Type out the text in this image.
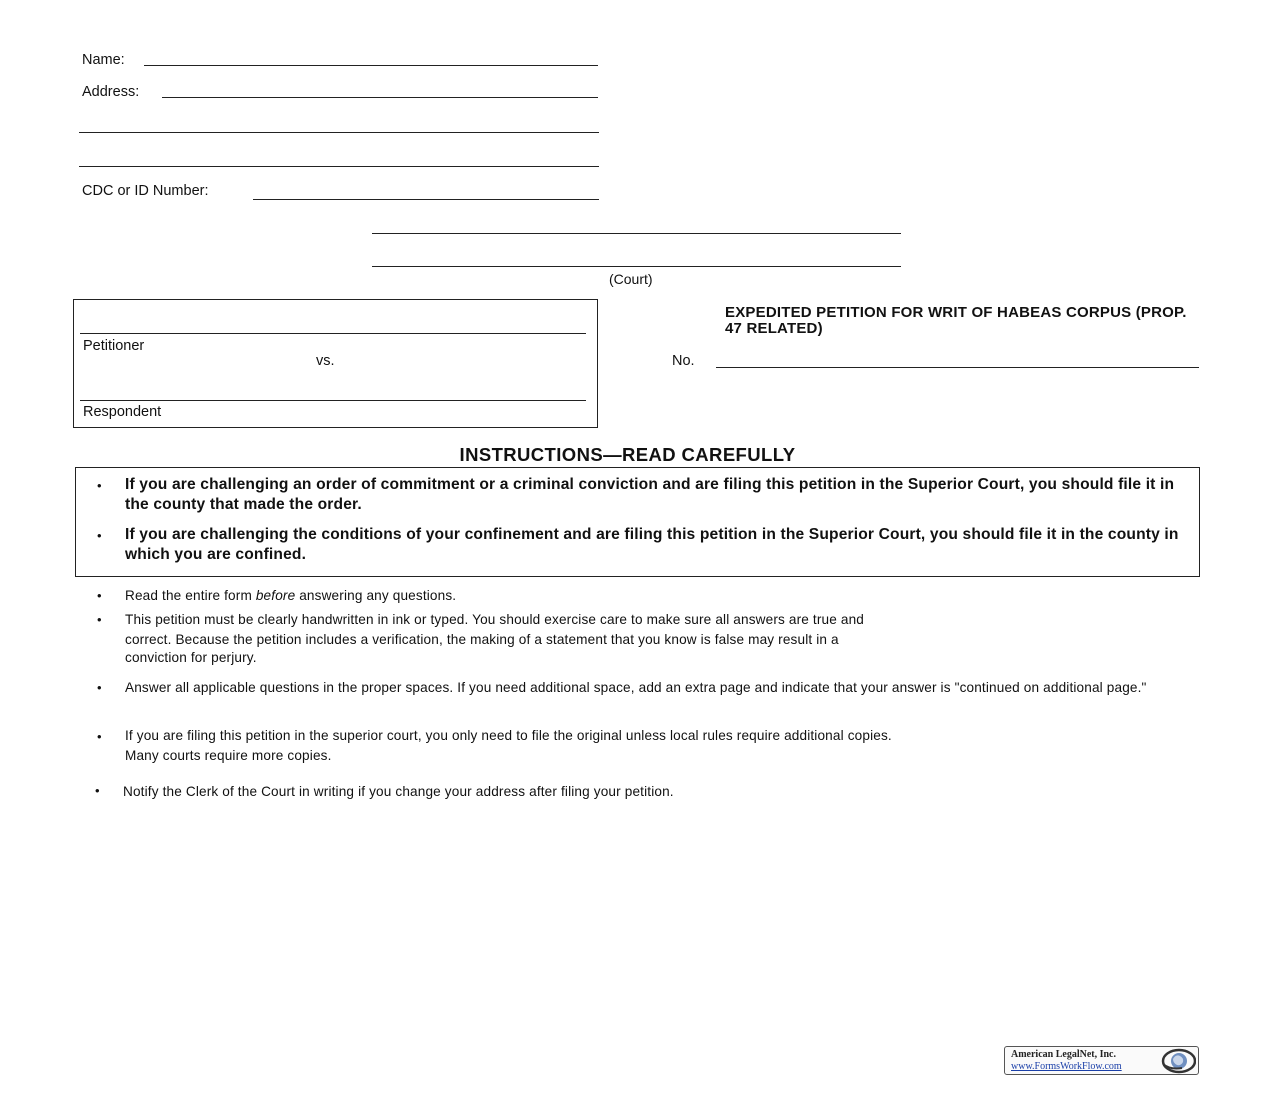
Name:
Address:
CDC or ID Number:
(Court)
Petitioner
vs.
Respondent
EXPEDITED PETITION FOR WRIT OF HABEAS CORPUS (PROP. 47 RELATED)
No.
INSTRUCTIONS—READ CAREFULLY
• If you are challenging an order of commitment or a criminal conviction and are filing this petition in the Superior Court, you should file it in the county that made the order.
• If you are challenging the conditions of your confinement and are filing this petition in the Superior Court, you should file it in the county in which you are confined.
• Read the entire form before answering any questions.
• This petition must be clearly handwritten in ink or typed. You should exercise care to make sure all answers are true and
correct. Because the petition includes a verification, the making of a statement that you know is false may result in a
conviction for perjury.
• Answer all applicable questions in the proper spaces. If you need additional space, add an extra page and indicate that your answer is "continued on additional page."
• If you are filing this petition in the superior court, you only need to file the original unless local rules require additional copies.
Many courts require more copies.
• Notify the Clerk of the Court in writing if you change your address after filing your petition.
American LegalNet, Inc.
www.FormsWorkFlow.com
